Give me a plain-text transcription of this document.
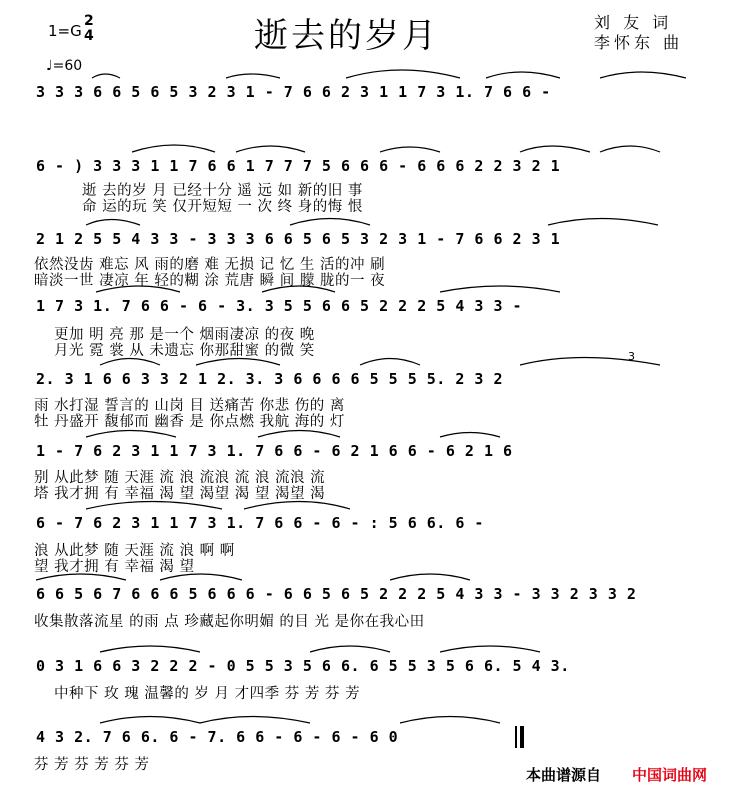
逝去的岁月
1=G
2
4
♩=60
刘 友 词
李怀东 曲
3 3 3 6 6 5 6 5 3 2 3 1 - 7 6 6 2 3 1 1 7 3 1. 7 6 6 -
6 - ) 3 3 3 1 1 7 6 6 1 7 7 7 5 6 6 6 - 6 6 6 2 2 3 2 1
逝 去的岁 月 已经十分 遥 远 如 新的旧 事
命 运的玩 笑 仅开短短 一 次 终 身的悔 恨
2 1 2 5 5 4 3 3 - 3 3 3 6 6 5 6 5 3 2 3 1 - 7 6 6 2 3 1
依然没齿 难忘 风 雨的磨 难 无损 记 忆 生 活的冲 刷
暗淡一世 凄凉 年 轻的糊 涂 荒唐 瞬 间 朦 胧的一 夜
1 7 3 1. 7 6 6 - 6 - 3. 3 5 5 6 6 5 2 2 2 5 4 3 3 -
更加 明 亮 那 是一个 烟雨凄凉 的夜 晚
月光 霓 裳 从 未遗忘 你那甜蜜 的微 笑	3
2. 3 1 6 6 3 3 2 1 2. 3. 3 6 6 6 6 5 5 5 5. 2 3 2
雨 水打湿 誓言的 山岗 目 送痛苦 你悲 伤的 离
牡 丹盛开 馥郁而 幽香 是 你点燃 我航 海的 灯
1 - 7 6 2 3 1 1 7 3 1. 7 6 6 - 6 2 1 6 6 - 6 2 1 6
别 从此梦 随 天涯 流 浪 流浪 流 浪 流浪 流
塔 我才拥 有 幸福 渴 望 渴望 渴 望 渴望 渴
6 - 7 6 2 3 1 1 7 3 1. 7 6 6 - 6 - : 5 6 6. 6 -
浪 从此梦 随 天涯 流 浪 啊 啊
望 我才拥 有 幸福 渴 望
6 6 5 6 7 6 6 6 5 6 6 6 - 6 6 5 6 5 2 2 2 5 4 3 3 - 3 3 2 3 3 2
收集散落流星 的雨 点 珍藏起你明媚 的目 光 是你在我心田
0 3 1 6 6 3 2 2 2 - 0 5 5 3 5 6 6. 6 5 5 3 5 6 6. 5 4 3.
中种下 玫 瑰 温馨的 岁 月 才四季 芬 芳 芬 芳
4 3 2. 7 6 6. 6 - 7. 6 6 - 6 - 6 - 6 0
芬 芳 芬 芳 芬 芳
本曲谱源自 中国词曲网
